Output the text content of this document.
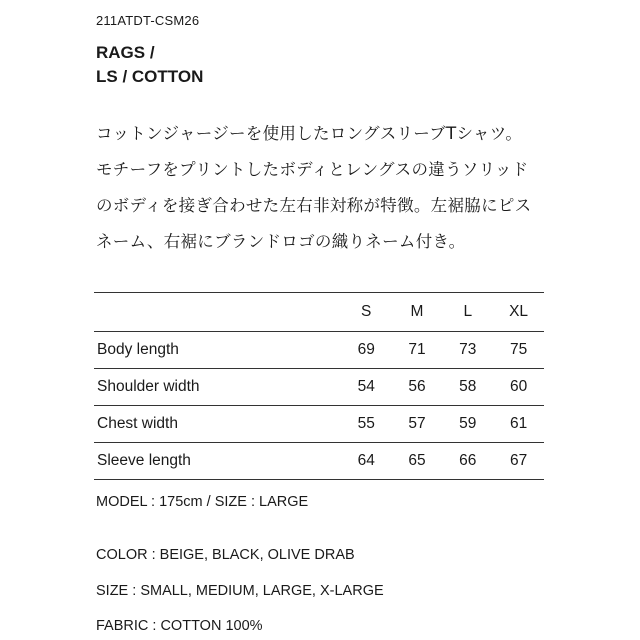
211ATDT-CSM26
RAGS /
LS / COTTON
コットンジャージーを使用したロングスリーブTシャツ。
モチーフをプリントしたボディとレングスの違うソリッド
のボディを接ぎ合わせた左右非対称が特徴。左裾脇にピス
ネーム、右裾にブランドロゴの織りネーム付き。
	S	M	L	XL
Body length	69	71	73	75
Shoulder width	54	56	58	60
Chest width	55	57	59	61
Sleeve length	64	65	66	67
MODEL : 175cm / SIZE : LARGE
COLOR : BEIGE, BLACK, OLIVE DRAB
SIZE : SMALL, MEDIUM, LARGE, X-LARGE
FABRIC : COTTON 100%
